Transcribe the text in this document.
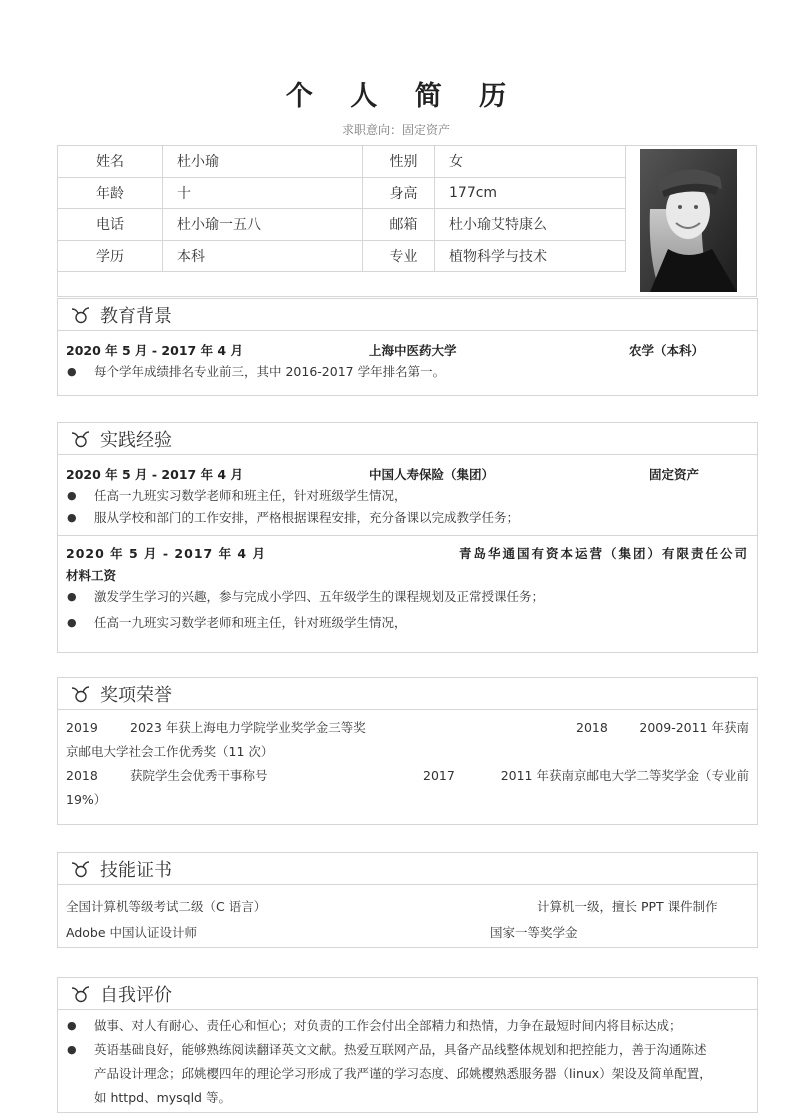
个 人 简 历
求职意向：固定资产
姓名	杜小瑜	性别	女
年龄	十	身高	177cm
电话	杜小瑜一五八	邮箱	杜小瑜艾特康么
学历	本科	专业	植物科学与技术
教育背景
2020 年 5 月 - 2017 年 4 月	上海中医药大学	农学（本科）
●	每个学年成绩排名专业前三，其中 2016-2017 学年排名第一。
实践经验
2020 年 5 月 - 2017 年 4 月	中国人寿保险（集团）	固定资产
●	任高一九班实习数学老师和班主任，针对班级学生情况，
●	服从学校和部门的工作安排，严格根据课程安排，充分备课以完成教学任务；
2020 年 5 月 - 2017 年 4 月	青岛华通国有资本运营（集团）有限责任公司
材料工资
●	激发学生学习的兴趣，参与完成小学四、五年级学生的课程规划及正常授课任务；
●	任高一九班实习数学老师和班主任，针对班级学生情况，
奖项荣誉
2019	2023 年获上海电力学院学业奖学金三等奖	2018	2009-2011 年获南
京邮电大学社会工作优秀奖（11 次）
2018	获院学生会优秀干事称号	2017	2011 年获南京邮电大学二等奖学金（专业前
19%）
技能证书
全国计算机等级考试二级（C 语言）	计算机一级，擅长 PPT 课件制作
Adobe 中国认证设计师	国家一等奖学金
自我评价
●	做事、对人有耐心、责任心和恒心；对负责的工作会付出全部精力和热情，力争在最短时间内将目标达成；
●	英语基础良好，能够熟练阅读翻译英文文献。热爱互联网产品，具备产品线整体规划和把控能力，善于沟通陈述
产品设计理念；邱姚樱四年的理论学习形成了我严谨的学习态度、邱姚樱熟悉服务器（linux）架设及简单配置，
如 httpd、mysqld 等。
